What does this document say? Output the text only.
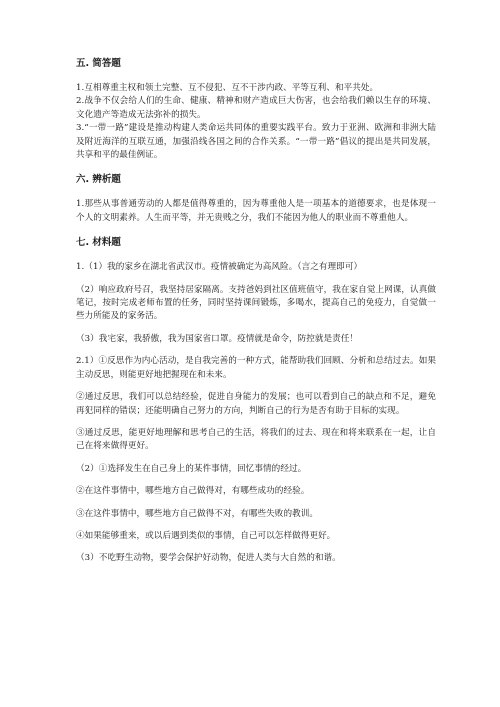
五. 简答题

1.互相尊重主权和领土完整、互不侵犯、互不干涉内政、平等互利、和平共处。

2.战争不仅会给人们的生命、健康、精神和财产造成巨大伤害，也会给我们赖以生存的环境、文化遗产等造成无法弥补的损失。

3.“一带一路”建设是推动构建人类命运共同体的重要实践平台。致力于亚洲、欧洲和非洲大陆及附近海洋的互联互通，加强沿线各国之间的合作关系。“一带一路”倡议的提出是共同发展，共享和平的最佳例证。

六. 辨析题

1.那些从事普通劳动的人都是值得尊重的，因为尊重他人是一项基本的道德要求，也是体现一个人的文明素养。人生而平等，并无贵贱之分，我们不能因为他人的职业而不尊重他人。

七. 材料题

1.（1）我的家乡在湖北省武汉市。疫情被确定为高风险。（言之有理即可）

（2）响应政府号召，我坚持居家隔离。支持爸妈到社区值班值守，我在家自觉上网课，认真做笔记，按时完成老师布置的任务，同时坚持课间锻炼，多喝水，提高自己的免疫力，自觉做一些力所能及的家务活。

（3）我宅家，我骄傲，我为国家省口罩。疫情就是命令，防控就是责任！

2.1）①反思作为内心活动，是自我完善的一种方式，能帮助我们回顾、分析和总结过去。如果主动反思，则能更好地把握现在和未来。

②通过反思，我们可以总结经验，促进自身能力的发展；也可以看到自己的缺点和不足，避免再犯同样的错误；还能明确自己努力的方向，判断自己的行为是否有助于目标的实现。

③通过反思，能更好地理解和思考自己的生活，将我们的过去、现在和将来联系在一起，让自己在将来做得更好。

（2）①选择发生在自己身上的某件事情，回忆事情的经过。

②在这件事情中，哪些地方自己做得对，有哪些成功的经验。

③在这件事情中，哪些地方自己做得不对，有哪些失败的教训。

④如果能够重来，或以后遇到类似的事情，自己可以怎样做得更好。

（3）不吃野生动物，要学会保护好动物，促进人类与大自然的和谐。
